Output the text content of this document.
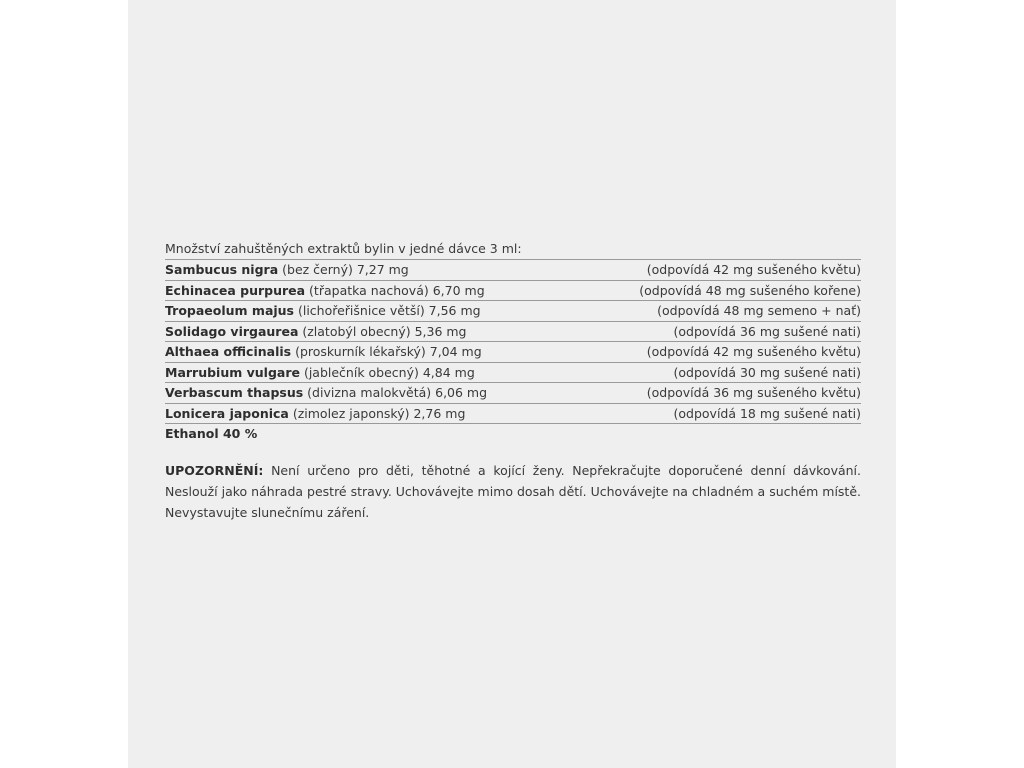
Množství zahuštěných extraktů bylin v jedné dávce 3 ml:
Sambucus nigra (bez černý) 7,27 mg	(odpovídá 42 mg sušeného květu)
Echinacea purpurea (třapatka nachová) 6,70 mg	(odpovídá 48 mg sušeného kořene)
Tropaeolum majus (lichořeřišnice větší) 7,56 mg	(odpovídá 48 mg semeno + nať)
Solidago virgaurea (zlatobýl obecný) 5,36 mg	(odpovídá 36 mg sušené nati)
Althaea officinalis (proskurník lékařský) 7,04 mg	(odpovídá 42 mg sušeného květu)
Marrubium vulgare (jablečník obecný) 4,84 mg	(odpovídá 30 mg sušené nati)
Verbascum thapsus (divizna malokvětá) 6,06 mg	(odpovídá 36 mg sušeného květu)
Lonicera japonica (zimolez japonský) 2,76 mg	(odpovídá 18 mg sušené nati)
Ethanol 40 %
UPOZORNĚNÍ: Není určeno pro děti, těhotné a kojící ženy. Nepřekračujte doporučené denní dávkování. Neslouží jako náhrada pestré stravy. Uchovávejte mimo dosah dětí. Uchovávejte na chladném a suchém místě. Nevystavujte slunečnímu záření.
